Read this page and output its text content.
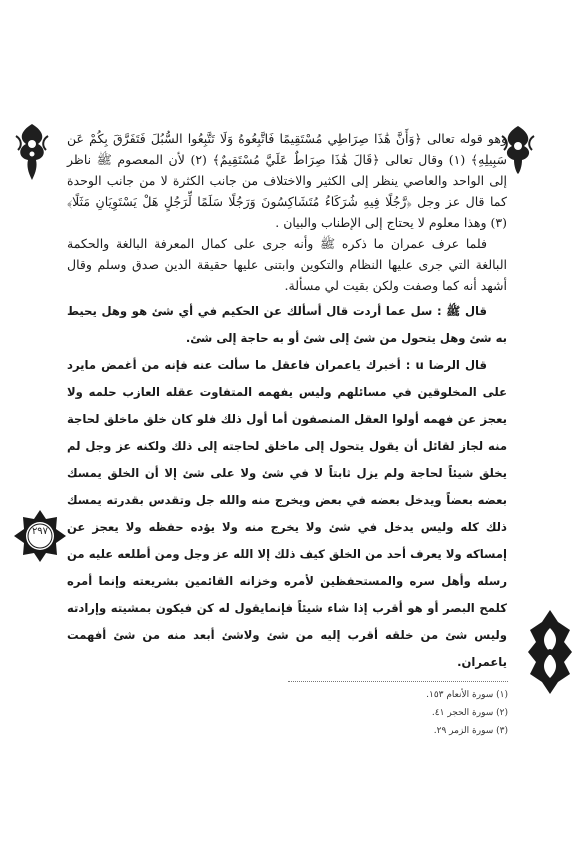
٢٩٧

وهو قوله تعالى ﴿وَأَنَّ هَٰذَا صِرَاطِي مُسْتَقِيمًا فَاتَّبِعُوهُ وَلَا تَتَّبِعُوا السُّبُلَ فَتَفَرَّقَ بِكُمْ عَن سَبِيلِهِ﴾ (١) وقال تعالى ﴿قَالَ هَٰذَا صِرَاطٌ عَلَيَّ مُسْتَقِيمٌ﴾ (٢) لأن المعصوم ﷺ ناظر إلى الواحد والعاصي ينظر إلى الكثير والاختلاف من جانب الكثرة لا من جانب الوحدة كما قال عز وجل ﴿رَّجُلًا فِيهِ شُرَكَاءُ مُتَشَاكِسُونَ وَرَجُلًا سَلَمًا لِّرَجُلٍ هَلْ يَسْتَوِيَانِ مَثَلًا﴾ (٣) وهذا معلوم لا يحتاج إلى الإطناب والبيان .

فلما عرف عمران ما ذكره ﷺ وأنه جرى على كمال المعرفة البالغة والحكمة البالغة التي جرى عليها النظام والتكوين وابتنى عليها حقيقة الدين صدق وسلم وقال أشهد أنه كما وصفت ولكن بقيت لي مسألة.

قال ﷺ : سل عما أردت قال أسألك عن الحكيم في أي شئ هو وهل يحيط به شئ وهل يتحول من شئ إلى شئ أو به حاجة إلى شئ.

قال الرضا u : أخبرك ياعمران فاعقل ما سألت عنه فإنه من أغمض مايرد على المخلوقين في مسائلهم وليس يفهمه المتفاوت عقله العازب حلمه ولا يعجز عن فهمه أولوا العقل المنصفون أما أول ذلك فلو كان خلق ماخلق لحاجة منه لجاز لقائل أن يقول يتحول إلى ماخلق لحاجته إلى ذلك ولكنه عز وجل لم يخلق شيئاً لحاجة ولم يزل ثابتاً لا في شئ ولا على شئ إلا أن الخلق يمسك بعضه بعضاً ويدخل بعضه في بعض ويخرج منه والله جل وتقدس بقدرته يمسك ذلك كله وليس يدخل في شئ ولا يخرج منه ولا يؤده حفظه ولا يعجز عن إمساكه ولا يعرف أحد من الخلق كيف ذلك إلا الله عز وجل ومن أطلعه عليه من رسله وأهل سره والمستحفظين لأمره وخزانه القائمين بشريعته وإنما أمره كلمح البصر أو هو أقرب إذا شاء شيئاً فإنمايقول له كن فيكون بمشيته وإرادته وليس شئ من خلقه أقرب إليه من شئ ولاشئ أبعد منه من شئ أفهمت ياعمران.

(١) سورة الأنعام ١٥٣.
(٢) سورة الحجر ٤١.
(٣) سورة الزمر ٢٩.
